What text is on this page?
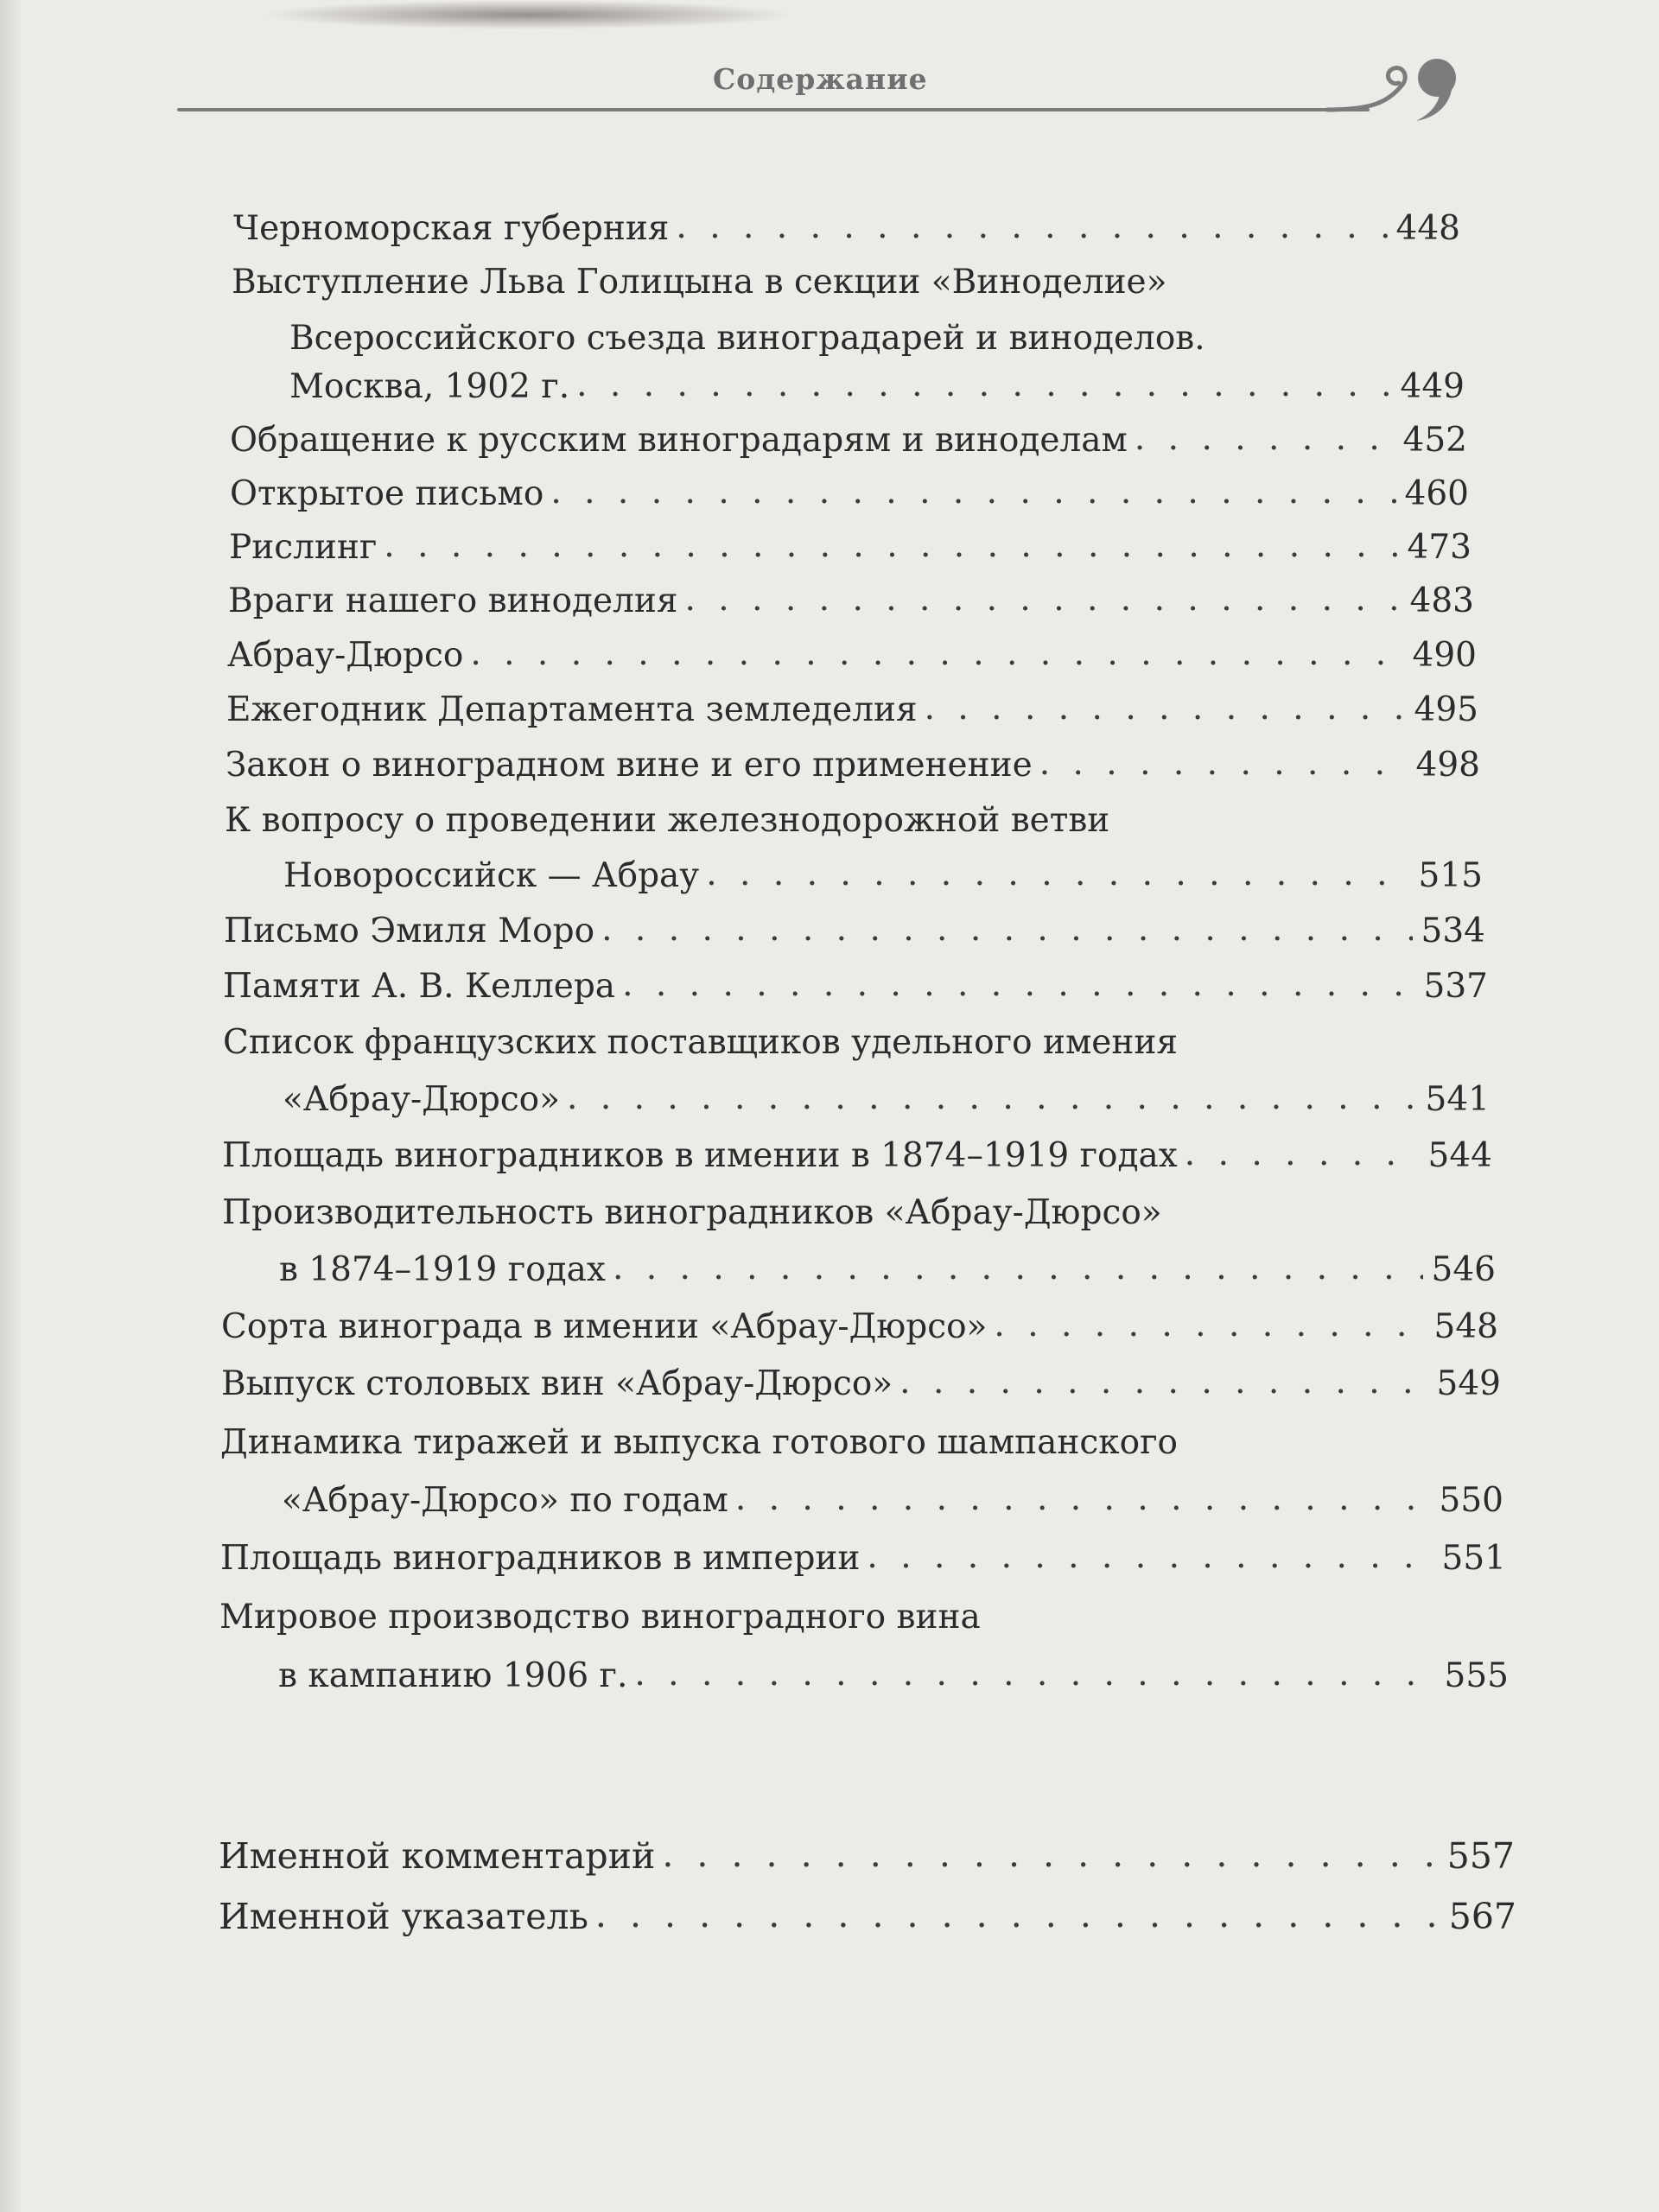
Содержание
Черноморская губерния . . .	448
Выступление Льва Голицына в секции «Виноделие»
Всероссийского съезда виноградарей и виноделов.
Москва, 1902 г. . . .	449
Обращение к русским виноградарям и виноделам . . .	452
Открытое письмо . . .	460
Рислинг . . .	473
Враги нашего виноделия . . .	483
Абрау-Дюрсо . . .	490
Ежегодник Департамента земледелия . . .	495
Закон о виноградном вине и его применение . . .	498
К вопросу о проведении железнодорожной ветви
Новороссийск — Абрау . . .	515
Письмо Эмиля Моро . . .	534
Памяти А. В. Келлера . . .	537
Список французских поставщиков удельного имения
«Абрау-Дюрсо» . . .	541
Площадь виноградников в имении в 1874–1919 годах . . .	544
Производительность виноградников «Абрау-Дюрсо»
в 1874–1919 годах . . .	546
Сорта винограда в имении «Абрау-Дюрсо» . . .	548
Выпуск столовых вин «Абрау-Дюрсо» . . .	549
Динамика тиражей и выпуска готового шампанского
«Абрау-Дюрсо» по годам . . .	550
Площадь виноградников в империи . . .	551
Мировое производство виноградного вина
в кампанию 1906 г. . . .	555
Именной комментарий . . .	557
Именной указатель . . .	567
